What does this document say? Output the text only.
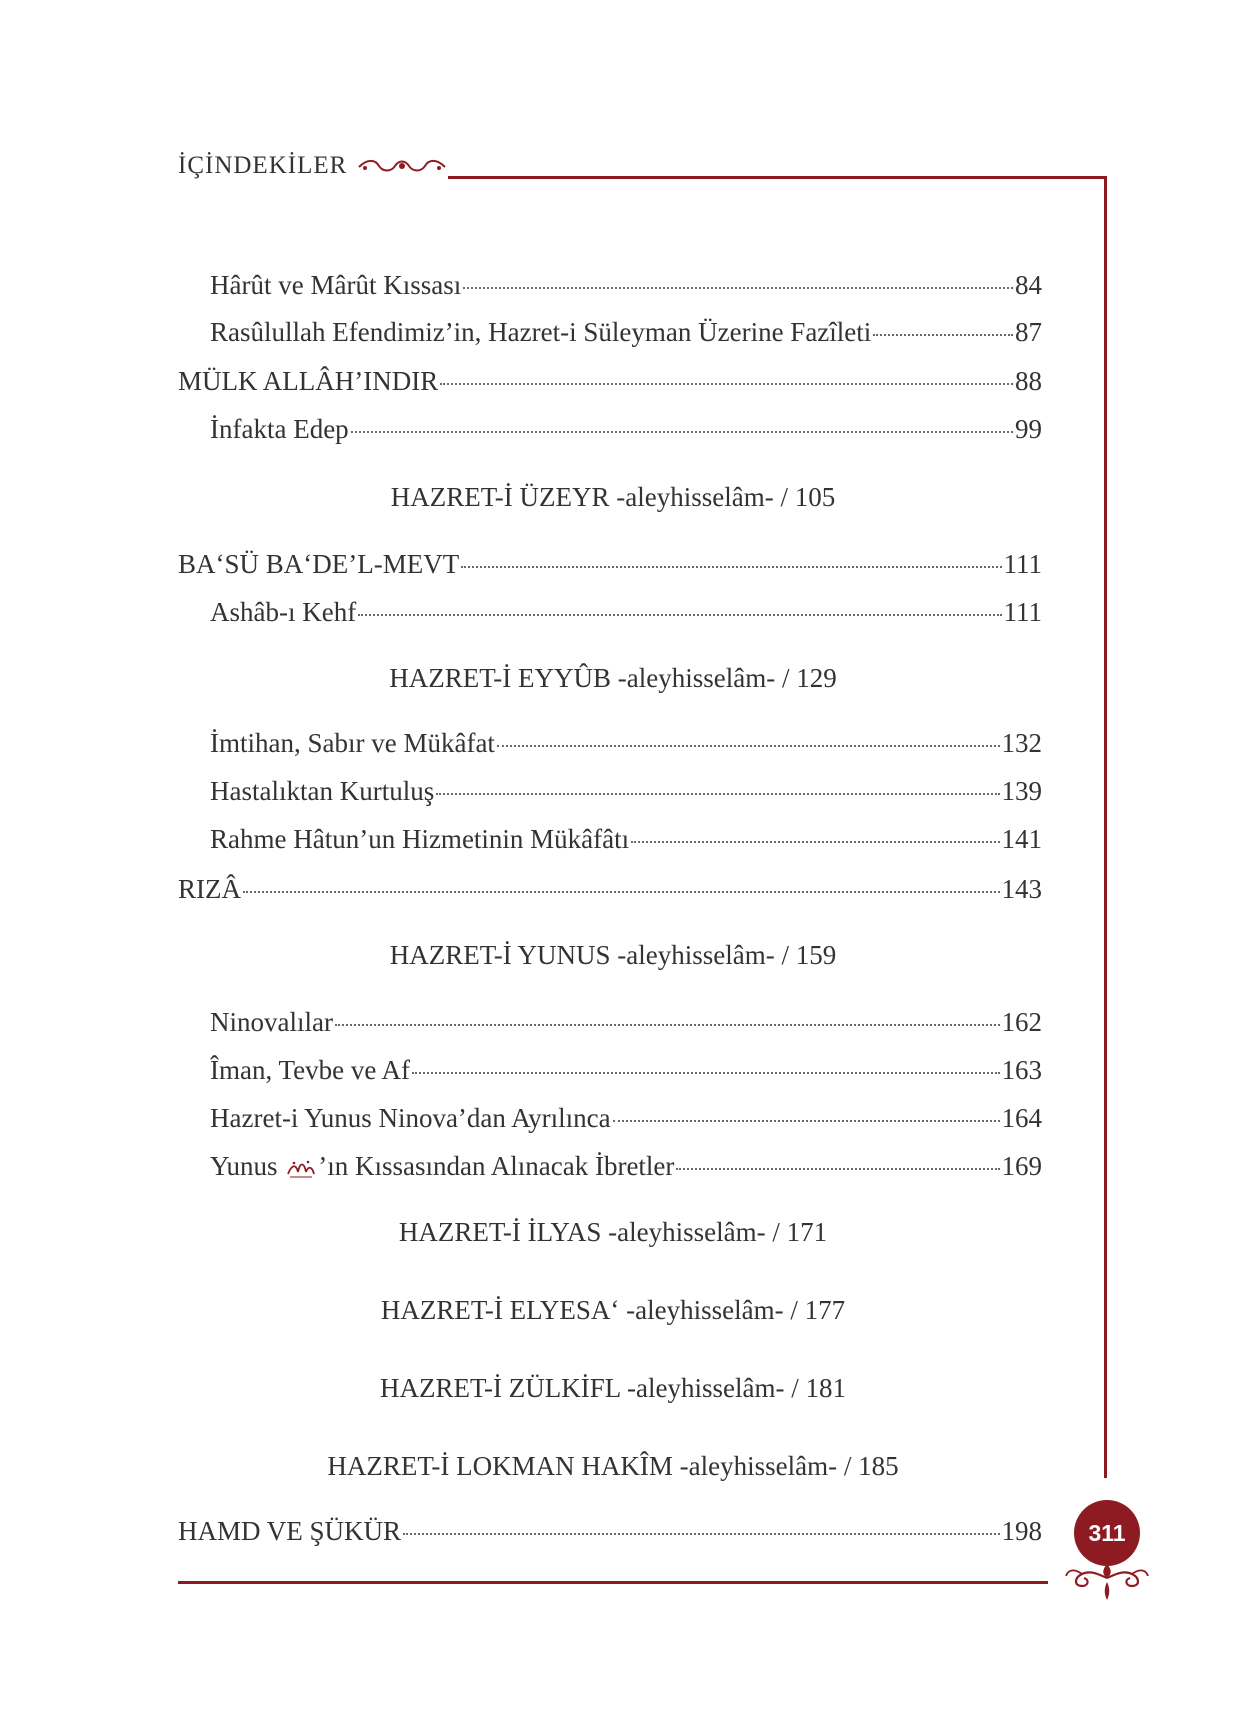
İÇİNDEKİLER
Hârût ve Mârût Kıssası	84
Rasûlullah Efendimiz’in, Hazret-i Süleyman Üzerine Fazîleti	87
MÜLK ALLÂH’INDIR	88
İnfakta Edep	99
HAZRET-İ ÜZEYR -aleyhisselâm- / 105
BA‘SÜ BA‘DE’L-MEVT	111
Ashâb-ı Kehf	111
HAZRET-İ EYYÛB -aleyhisselâm- / 129
İmtihan, Sabır ve Mükâfat	132
Hastalıktan Kurtuluş	139
Rahme Hâtun’un Hizmetinin Mükâfâtı	141
RIZÂ	143
HAZRET-İ YUNUS -aleyhisselâm- / 159
Ninovalılar	162
Îman, Tevbe ve Af	163
Hazret-i Yunus Ninova’dan Ayrılınca	164
Yunus ’ın Kıssasından Alınacak İbretler	169
HAZRET-İ İLYAS -aleyhisselâm- / 171
HAZRET-İ ELYESA‘ -aleyhisselâm- / 177
HAZRET-İ ZÜLKİFL -aleyhisselâm- / 181
HAZRET-İ LOKMAN HAKÎM -aleyhisselâm- / 185
HAMD VE ŞÜKÜR	198	311
